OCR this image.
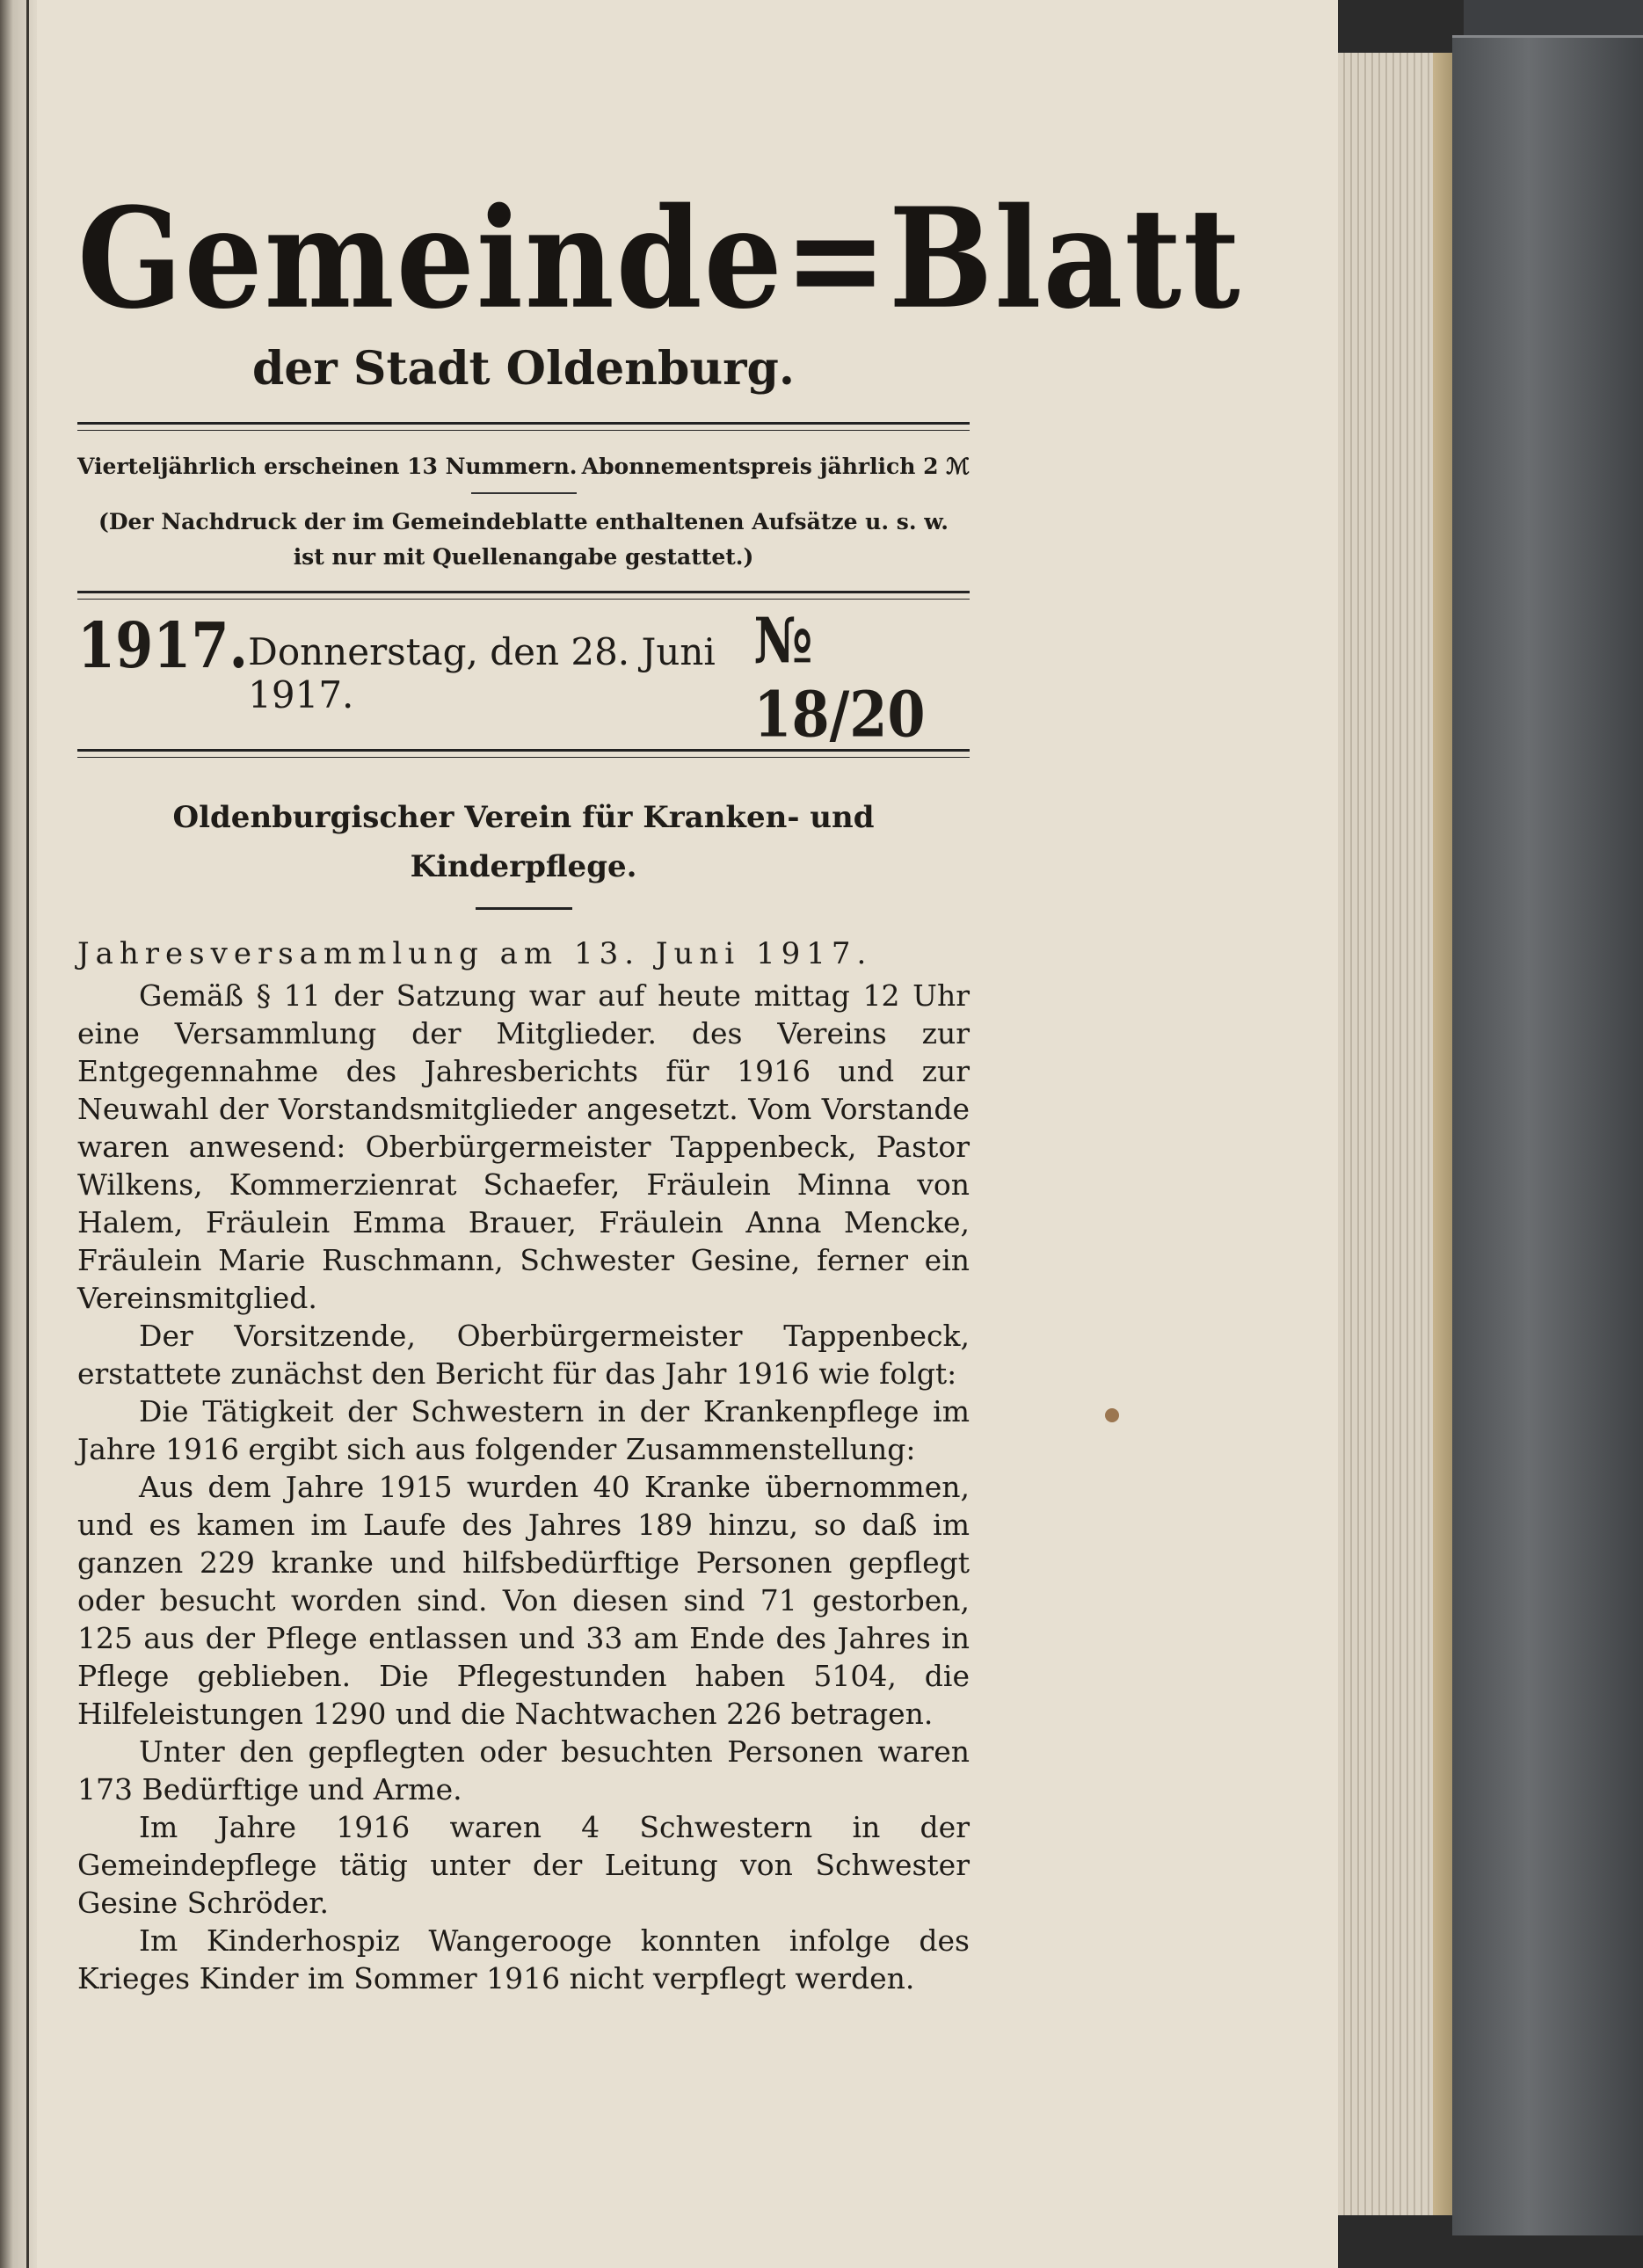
Gemeinde=Blatt
der Stadt Oldenburg.
Vierteljährlich erscheinen 13 Nummern. Abonnementspreis jährlich 2 ℳ
(Der Nachdruck der im Gemeindeblatte enthaltenen Aufsätze u. s. w.
ist nur mit Quellenangabe gestattet.)
1917. Donnerstag, den 28. Juni 1917.
№ 18/20
Oldenburgischer Verein für Kranken- und
Kinderpflege.
Jahresversammlung am 13. Juni 1917.

Gemäß § 11 der Satzung war auf heute mittag 12 Uhr eine Versammlung der Mitglieder. des Vereins zur Entgegennahme des Jahresberichts für 1916 und zur Neuwahl der Vorstandsmitglieder angesetzt. Vom Vorstande waren anwesend: Oberbürgermeister Tappenbeck, Pastor Wilkens, Kommerzienrat Schaefer, Fräulein Minna von Halem, Fräulein Emma Brauer, Fräulein Anna Mencke, Fräulein Marie Ruschmann, Schwester Gesine, ferner ein Vereinsmitglied.

Der Vorsitzende, Oberbürgermeister Tappenbeck, erstattete zunächst den Bericht für das Jahr 1916 wie folgt:

Die Tätigkeit der Schwestern in der Krankenpflege im Jahre 1916 ergibt sich aus folgender Zusammenstellung:

Aus dem Jahre 1915 wurden 40 Kranke übernommen, und es kamen im Laufe des Jahres 189 hinzu, so daß im ganzen 229 kranke und hilfsbedürftige Personen gepflegt oder besucht worden sind. Von diesen sind 71 gestorben, 125 aus der Pflege entlassen und 33 am Ende des Jahres in Pflege geblieben. Die Pflegestunden haben 5104, die Hilfeleistungen 1290 und die Nachtwachen 226 betragen.

Unter den gepflegten oder besuchten Personen waren 173 Bedürftige und Arme.

Im Jahre 1916 waren 4 Schwestern in der Gemeindepflege tätig unter der Leitung von Schwester Gesine Schröder.

Im Kinderhospiz Wangerooge konnten infolge des Krieges Kinder im Sommer 1916 nicht verpflegt werden.
